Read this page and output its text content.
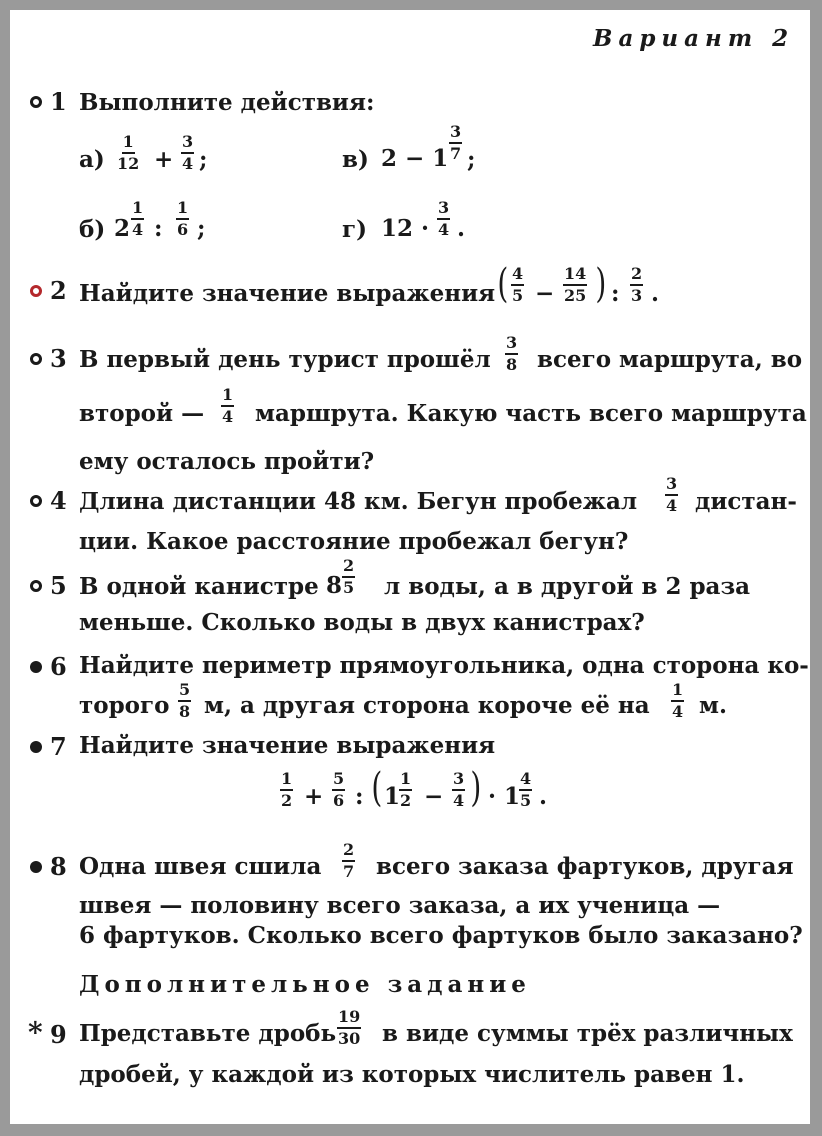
Вариант 2
1 Выполните действия:
$а) \frac{1}{12} + \frac{3}{4}$ ;	в) $2 - 1 \frac{3}{7}$ ;
б) $2 \frac{1}{4}$ : $\frac{1}{6}$ ;	г) $12 \cdot \frac{3}{4}$ .
2 Найдите значение выражения ( $\frac{4}{5} - \frac{14}{25}$ ) : $\frac{2}{3}$ .
3 В первый день турист прошёл $\frac{3}{8}$ всего маршрута, во
второй — $\frac{1}{4}$ маршрута. Какую часть всего маршрута
ему осталось пройти?
4 Длина дистанции 48 км. Бегун пробежал $\frac{3}{4}$ дистан-
ции. Какое расстояние пробежал бегун?
5 В одной канистре $8 \frac{2}{5}$ л воды, а в другой в 2 раза
меньше. Сколько воды в двух канистрах?
6 Найдите периметр прямоугольника, одна сторона ко-
торого $\frac{5}{8} м$, а другая сторона короче её на $\frac{1}{4} м$.
7 Найдите значение выражения
$\frac{1}{2} + \frac{5}{6}$ : ( 1
$\frac{1}{2} - \frac{3}{4}$ ) · 1
$\frac{4}{5}$ .
8 Одна швея сшила $\frac{2}{7}$ всего заказа фартуков, другая
швея — половину всего заказа, а их ученица —
6 фартуков. Сколько всего фартуков было заказано?
Дополнительное задание
* 9 Представьте дробь $\frac{19}{30}$ в виде суммы трёх различных
дробей, у каждой из которых числитель равен 1.
